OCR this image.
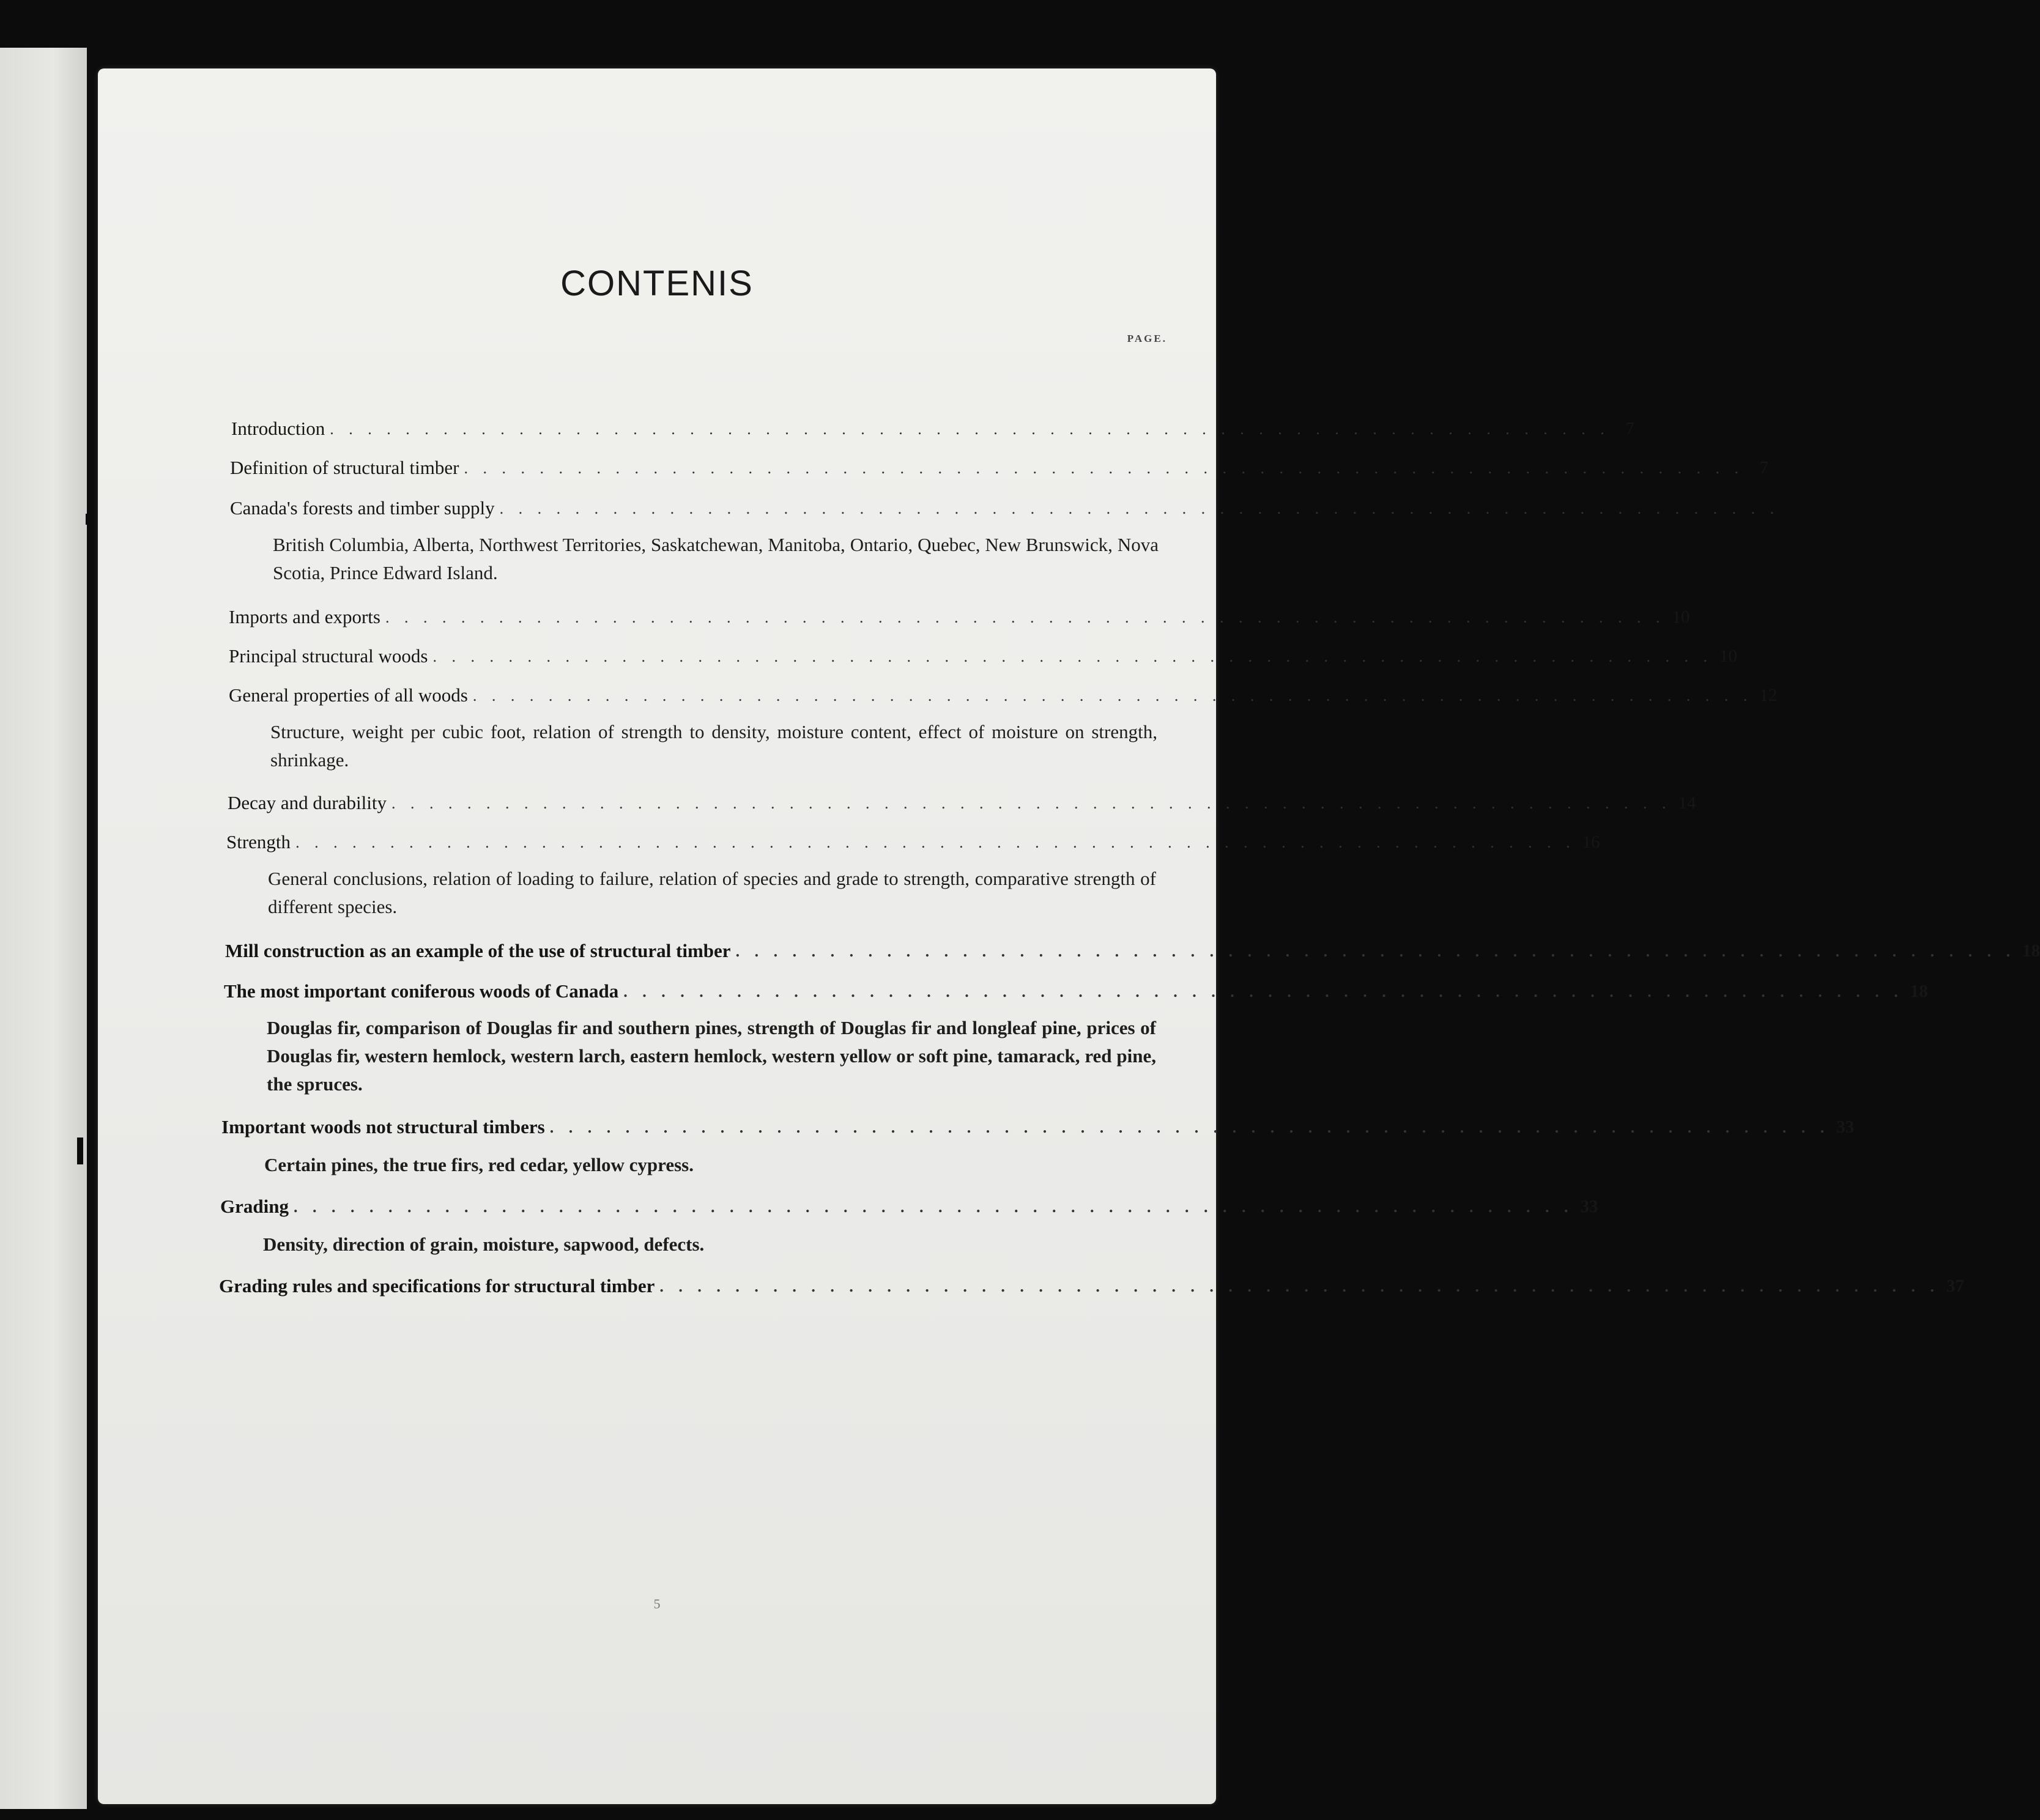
CONTENIS
PAGE.
Introduction . . . . . . . . . . . . . . . . . . . . . . . . . . . . . . . . . . . . . . . . . . . . . . . . . . . . . . . . . . . . . . . . . . . . 7
Definition of structural timber . . . . . . . . . . . . . . . . . . . . . . . . . . . . . . . . . . . . . . . . . . . . . . . . . . . . . . . . . . . . . . . . . . . . 7
Canada's forests and timber supply . . . . . . . . . . . . . . . . . . . . . . . . . . . . . . . . . . . . . . . . . . . . . . . . . . . . . . . . . . . . . . . . . . . .
British Columbia, Alberta, Northwest Territories, Saskatchewan, Manitoba, Ontario, Quebec, New Brunswick, Nova Scotia, Prince Edward Island.
Imports and exports . . . . . . . . . . . . . . . . . . . . . . . . . . . . . . . . . . . . . . . . . . . . . . . . . . . . . . . . . . . . . . . . . . . . 10
Principal structural woods . . . . . . . . . . . . . . . . . . . . . . . . . . . . . . . . . . . . . . . . . . . . . . . . . . . . . . . . . . . . . . . . . . . . 10
General properties of all woods . . . . . . . . . . . . . . . . . . . . . . . . . . . . . . . . . . . . . . . . . . . . . . . . . . . . . . . . . . . . . . . . . . . . 12
Structure, weight per cubic foot, relation of strength to density, moisture content, effect of moisture on strength, shrinkage.
Decay and durability . . . . . . . . . . . . . . . . . . . . . . . . . . . . . . . . . . . . . . . . . . . . . . . . . . . . . . . . . . . . . . . . . . . . 14
Strength . . . . . . . . . . . . . . . . . . . . . . . . . . . . . . . . . . . . . . . . . . . . . . . . . . . . . . . . . . . . . . . . . . . . 16
General conclusions, relation of loading to failure, relation of species and grade to strength, comparative strength of different species.
Mill construction as an example of the use of structural timber . . . . . . . . . . . . . . . . . . . . . . . . . . . . . . . . . . . . . . . . . . . . . . . . . . . . . . . . . . . . . . . . . . . . 18
The most important coniferous woods of Canada . . . . . . . . . . . . . . . . . . . . . . . . . . . . . . . . . . . . . . . . . . . . . . . . . . . . . . . . . . . . . . . . . . . . 18
Douglas fir, comparison of Douglas fir and southern pines, strength of Douglas fir and longleaf pine, prices of Douglas fir, western hemlock, western larch, eastern hemlock, western yellow or soft pine, tamarack, red pine, the spruces.
Important woods not structural timbers . . . . . . . . . . . . . . . . . . . . . . . . . . . . . . . . . . . . . . . . . . . . . . . . . . . . . . . . . . . . . . . . . . . . 33
Certain pines, the true firs, red cedar, yellow cypress.
Grading . . . . . . . . . . . . . . . . . . . . . . . . . . . . . . . . . . . . . . . . . . . . . . . . . . . . . . . . . . . . . . . . . . . . 33
Density, direction of grain, moisture, sapwood, defects.
Grading rules and specifications for structural timber . . . . . . . . . . . . . . . . . . . . . . . . . . . . . . . . . . . . . . . . . . . . . . . . . . . . . . . . . . . . . . . . . . . . 37
5
